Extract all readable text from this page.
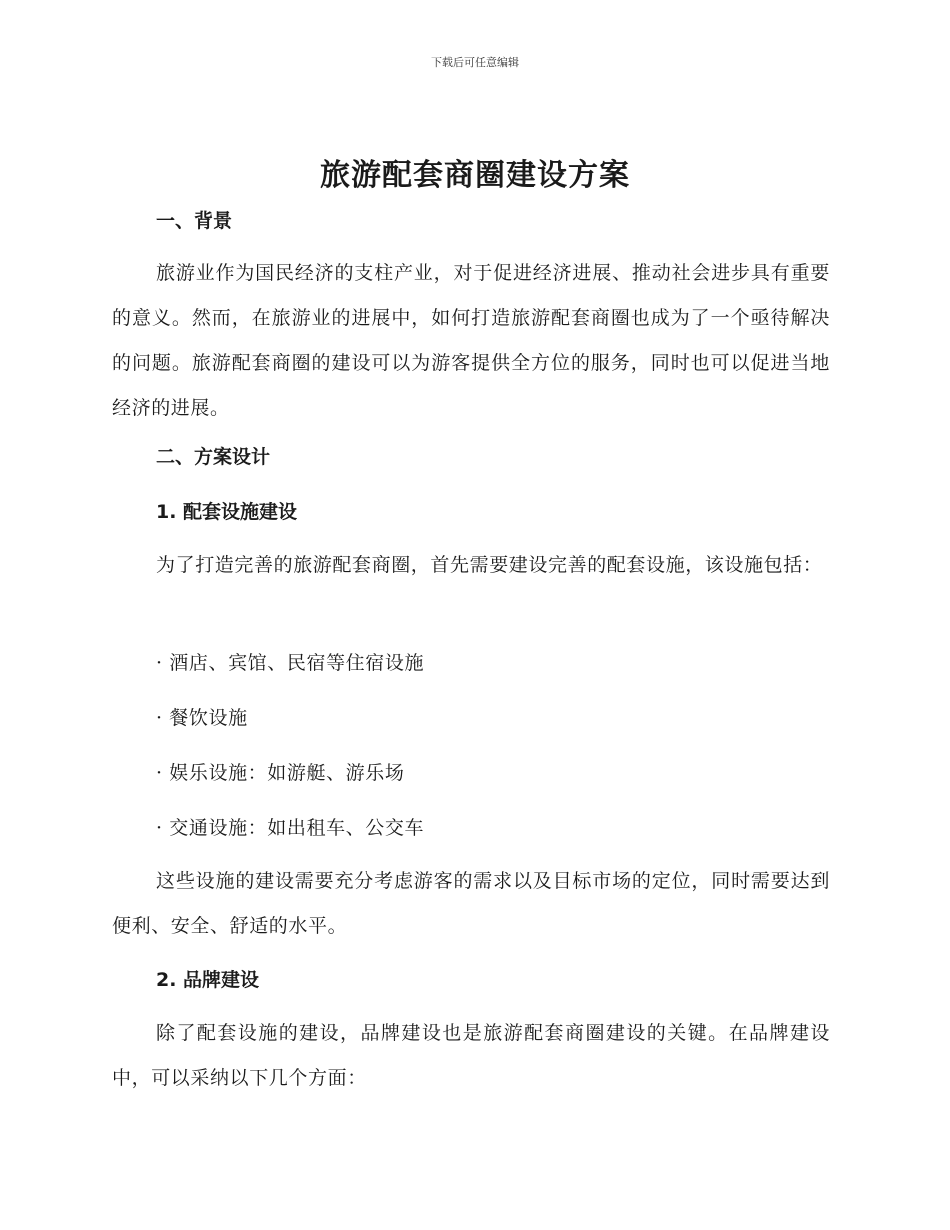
下载后可任意编辑
旅游配套商圈建设方案
一、背景
旅游业作为国民经济的支柱产业，对于促进经济进展、推动社会进步具有重要的意义。然而，在旅游业的进展中，如何打造旅游配套商圈也成为了一个亟待解决的问题。旅游配套商圈的建设可以为游客提供全方位的服务，同时也可以促进当地经济的进展。
二、方案设计
1. 配套设施建设
为了打造完善的旅游配套商圈，首先需要建设完善的配套设施，该设施包括：
· 酒店、宾馆、民宿等住宿设施
· 餐饮设施
· 娱乐设施：如游艇、游乐场
· 交通设施：如出租车、公交车
这些设施的建设需要充分考虑游客的需求以及目标市场的定位，同时需要达到便利、安全、舒适的水平。
2. 品牌建设
除了配套设施的建设，品牌建设也是旅游配套商圈建设的关键。在品牌建设中，可以采纳以下几个方面：
